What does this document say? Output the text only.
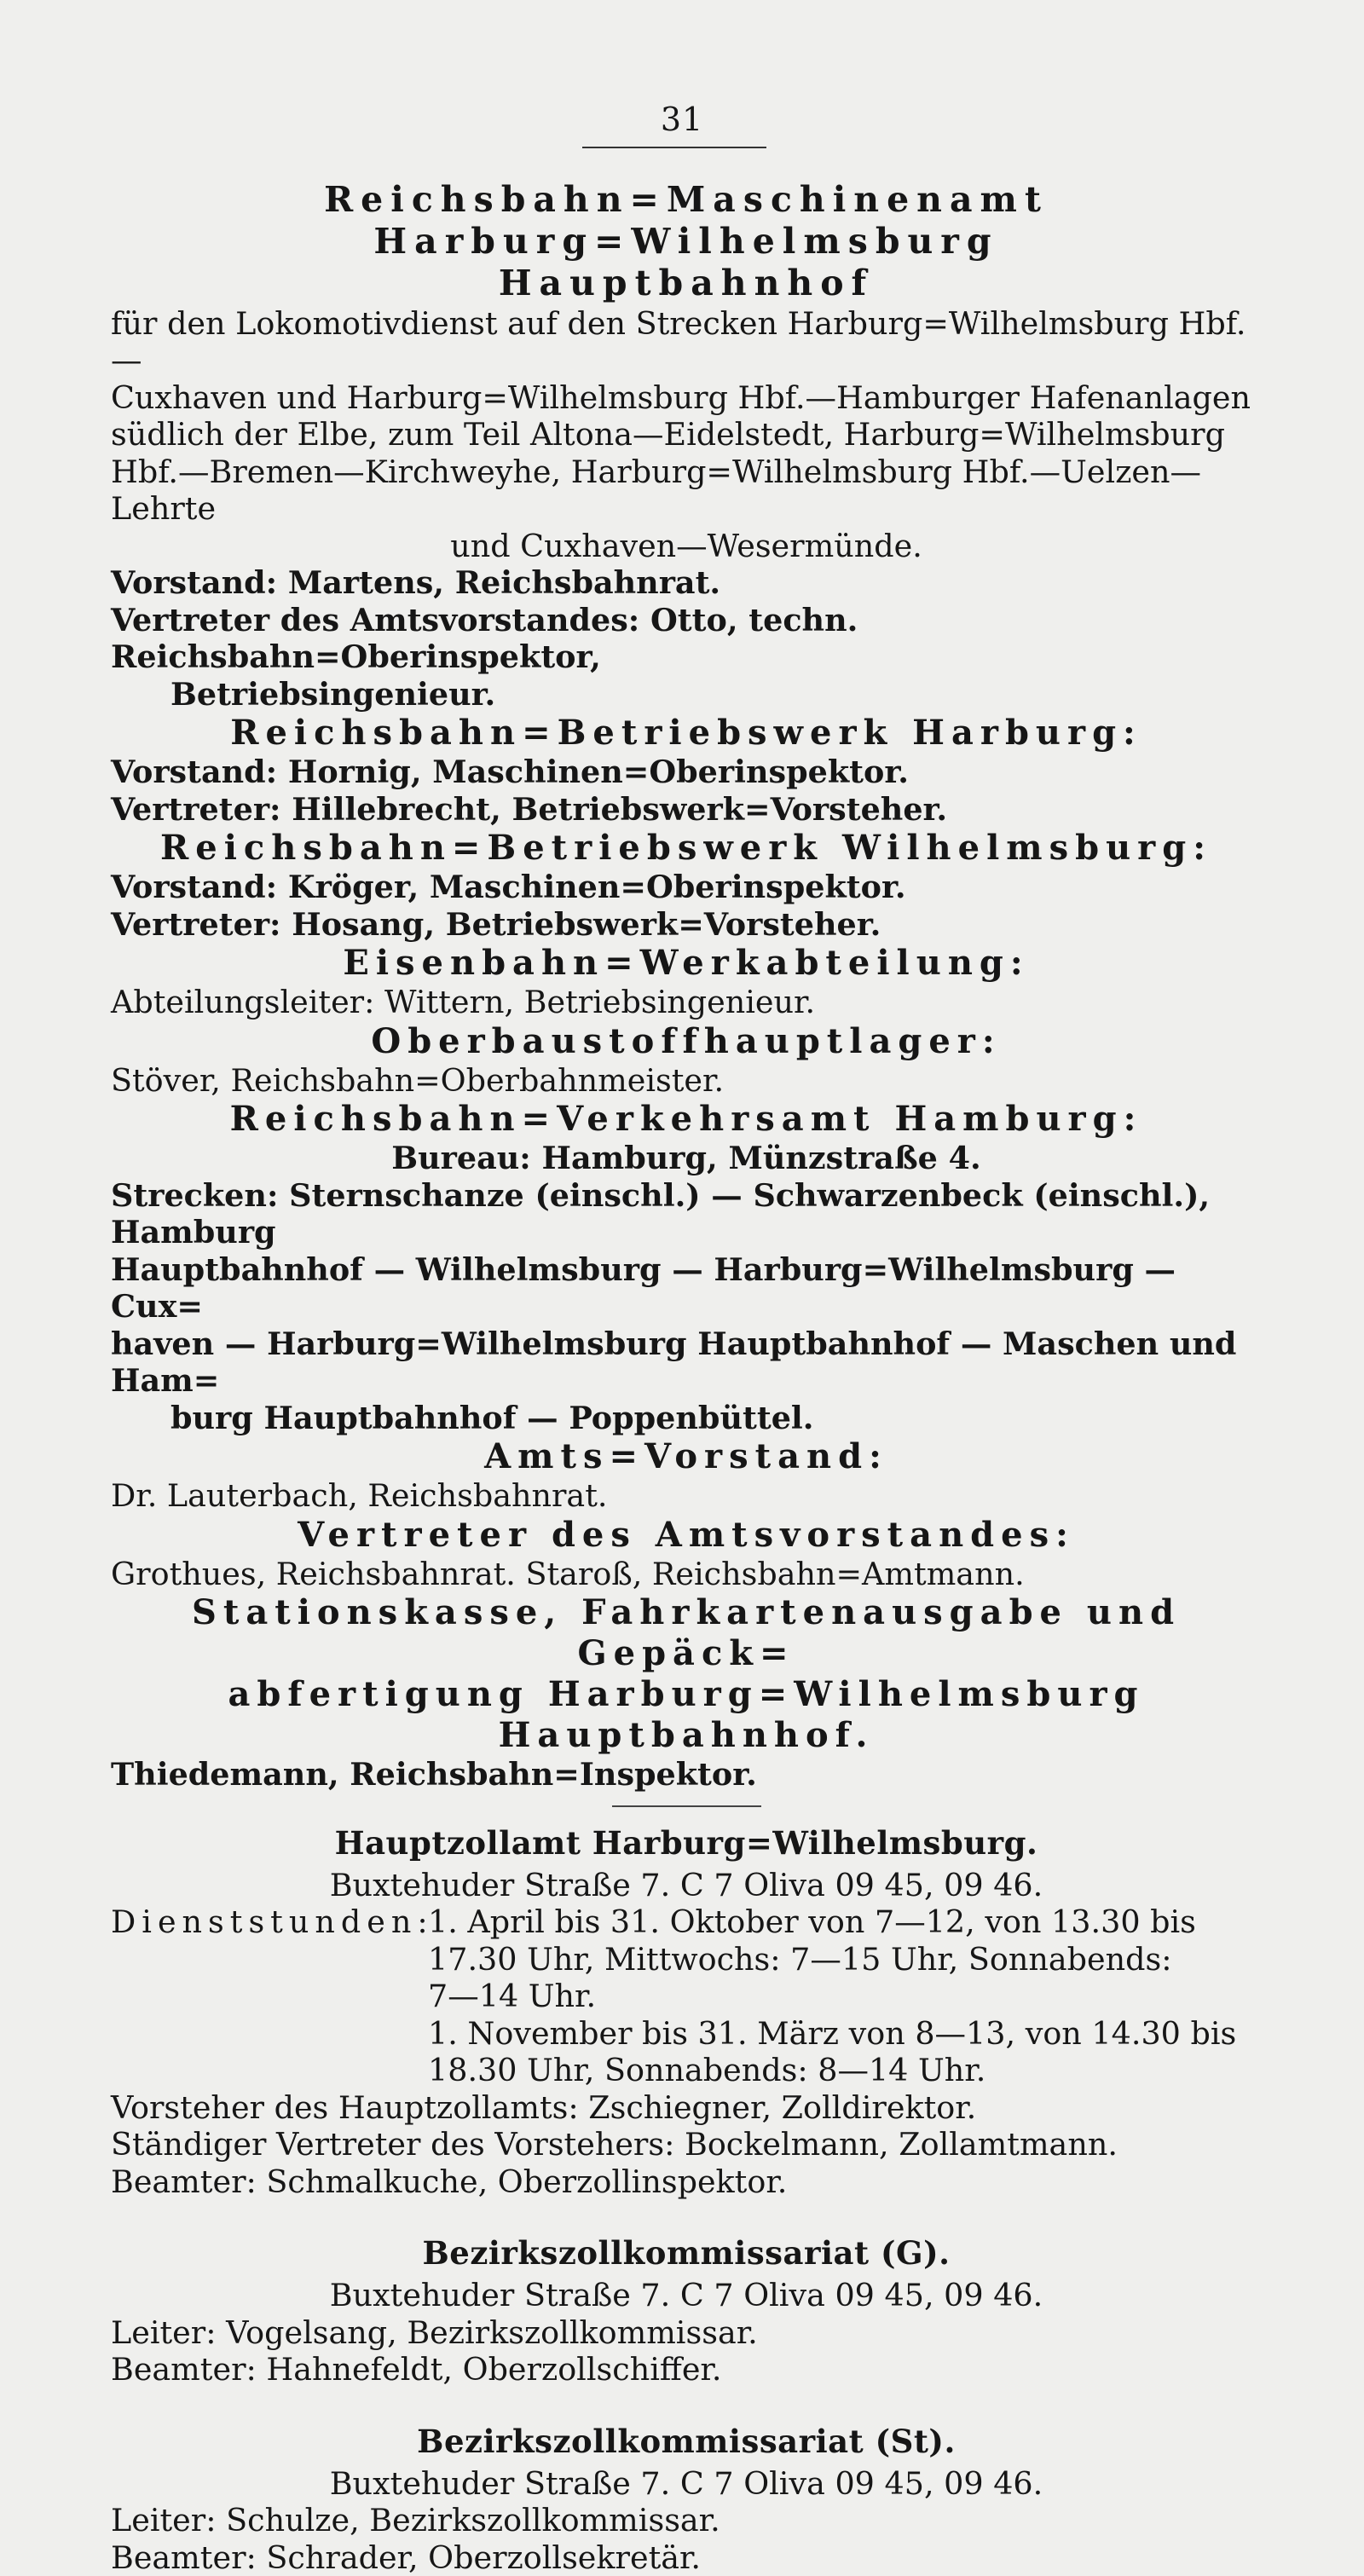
31

Reichsbahn=Maschinenamt Harburg=Wilhelmsburg

Hauptbahnhof

für den Lokomotivdienst auf den Strecken Harburg=Wilhelmsburg Hbf.—

Cuxhaven und Harburg=Wilhelmsburg Hbf.—Hamburger Hafenanlagen

südlich der Elbe, zum Teil Altona—Eidelstedt, Harburg=Wilhelmsburg

Hbf.—Bremen—Kirchweyhe, Harburg=Wilhelmsburg Hbf.—Uelzen—Lehrte

und Cuxhaven—Wesermünde.

Vorstand: Martens, Reichsbahnrat.

Vertreter des Amtsvorstandes: Otto, techn. Reichsbahn=Oberinspektor,

Betriebsingenieur.

Reichsbahn=Betriebswerk Harburg:

Vorstand: Hornig, Maschinen=Oberinspektor.

Vertreter: Hillebrecht, Betriebswerk=Vorsteher.

Reichsbahn=Betriebswerk Wilhelmsburg:

Vorstand: Kröger, Maschinen=Oberinspektor.

Vertreter: Hosang, Betriebswerk=Vorsteher.

Eisenbahn=Werkabteilung:

Abteilungsleiter: Wittern, Betriebsingenieur.

Oberbaustoffhauptlager:

Stöver, Reichsbahn=Oberbahnmeister.

Reichsbahn=Verkehrsamt Hamburg:

Bureau: Hamburg, Münzstraße 4.

Strecken: Sternschanze (einschl.) — Schwarzenbeck (einschl.), Hamburg

Hauptbahnhof — Wilhelmsburg — Harburg=Wilhelmsburg — Cux=

haven — Harburg=Wilhelmsburg Hauptbahnhof — Maschen und Ham=

burg Hauptbahnhof — Poppenbüttel.

Amts=Vorstand:

Dr. Lauterbach, Reichsbahnrat.

Vertreter des Amtsvorstandes:

Grothues, Reichsbahnrat. Staroß, Reichsbahn=Amtmann.

Stationskasse, Fahrkartenausgabe und Gepäck=

abfertigung Harburg=Wilhelmsburg Hauptbahnhof.

Thiedemann, Reichsbahn=Inspektor.

Hauptzollamt Harburg=Wilhelmsburg.

Buxtehuder Straße 7. C 7 Oliva 09 45, 09 46.

Dienststunden:

1. April bis 31. Oktober von 7—12, von 13.30 bis

17.30 Uhr, Mittwochs: 7—15 Uhr, Sonnabends:

7—14 Uhr.

1. November bis 31. März von 8—13, von 14.30 bis

18.30 Uhr, Sonnabends: 8—14 Uhr.

Vorsteher des Hauptzollamts: Zschiegner, Zolldirektor.

Ständiger Vertreter des Vorstehers: Bockelmann, Zollamtmann.

Beamter: Schmalkuche, Oberzollinspektor.

Bezirkszollkommissariat (G).

Buxtehuder Straße 7. C 7 Oliva 09 45, 09 46.

Leiter: Vogelsang, Bezirkszollkommissar.

Beamter: Hahnefeldt, Oberzollschiffer.

Bezirkszollkommissariat (St).

Buxtehuder Straße 7. C 7 Oliva 09 45, 09 46.

Leiter: Schulze, Bezirkszollkommissar.

Beamter: Schrader, Oberzollsekretär.
